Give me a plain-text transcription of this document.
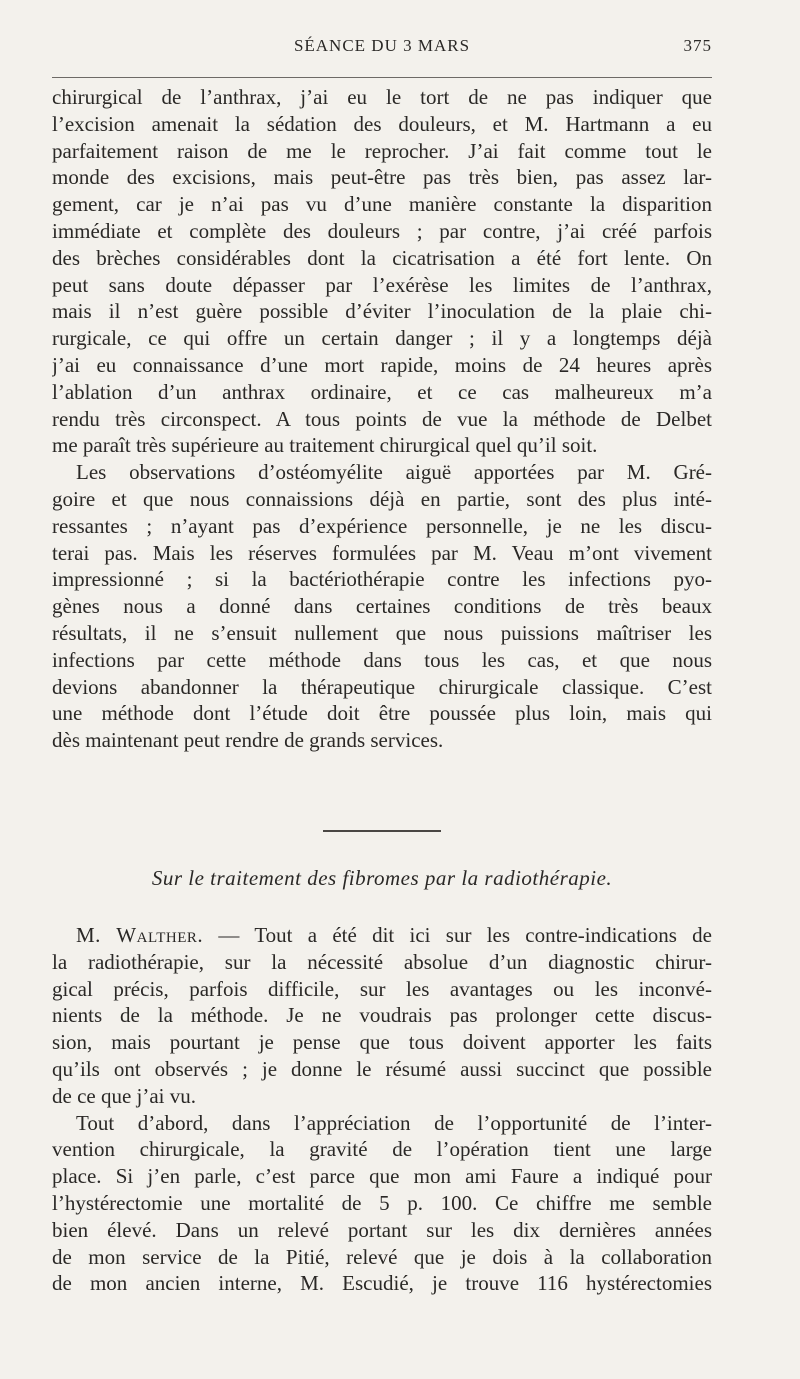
SÉANCE DU 3 MARS	375
chirurgical de l’anthrax, j’ai eu le tort de ne pas indiquer que
l’excision amenait la sédation des douleurs, et M. Hartmann a eu
parfaitement raison de me le reprocher. J’ai fait comme tout le
monde des excisions, mais peut-être pas très bien, pas assez lar-
gement, car je n’ai pas vu d’une manière constante la disparition
immédiate et complète des douleurs ; par contre, j’ai créé parfois
des brèches considérables dont la cicatrisation a été fort lente. On
peut sans doute dépasser par l’exérèse les limites de l’anthrax,
mais il n’est guère possible d’éviter l’inoculation de la plaie chi-
rurgicale, ce qui offre un certain danger ; il y a longtemps déjà
j’ai eu connaissance d’une mort rapide, moins de 24 heures après
l’ablation d’un anthrax ordinaire, et ce cas malheureux m’a
rendu très circonspect. A tous points de vue la méthode de Delbet
me paraît très supérieure au traitement chirurgical quel qu’il soit.
Les observations d’ostéomyélite aiguë apportées par M. Gré-
goire et que nous connaissions déjà en partie, sont des plus inté-
ressantes ; n’ayant pas d’expérience personnelle, je ne les discu-
terai pas. Mais les réserves formulées par M. Veau m’ont vivement
impressionné ; si la bactériothérapie contre les infections pyo-
gènes nous a donné dans certaines conditions de très beaux
résultats, il ne s’ensuit nullement que nous puissions maîtriser les
infections par cette méthode dans tous les cas, et que nous
devions abandonner la thérapeutique chirurgicale classique. C’est
une méthode dont l’étude doit être poussée plus loin, mais qui
dès maintenant peut rendre de grands services.
Sur le traitement des fibromes par la radiothérapie.
M. Walther. — Tout a été dit ici sur les contre-indications de
la radiothérapie, sur la nécessité absolue d’un diagnostic chirur-
gical précis, parfois difficile, sur les avantages ou les inconvé-
nients de la méthode. Je ne voudrais pas prolonger cette discus-
sion, mais pourtant je pense que tous doivent apporter les faits
qu’ils ont observés ; je donne le résumé aussi succinct que possible
de ce que j’ai vu.
Tout d’abord, dans l’appréciation de l’opportunité de l’inter-
vention chirurgicale, la gravité de l’opération tient une large
place. Si j’en parle, c’est parce que mon ami Faure a indiqué pour
l’hystérectomie une mortalité de 5 p. 100. Ce chiffre me semble
bien élevé. Dans un relevé portant sur les dix dernières années
de mon service de la Pitié, relevé que je dois à la collaboration
de mon ancien interne, M. Escudié, je trouve 116 hystérectomies
